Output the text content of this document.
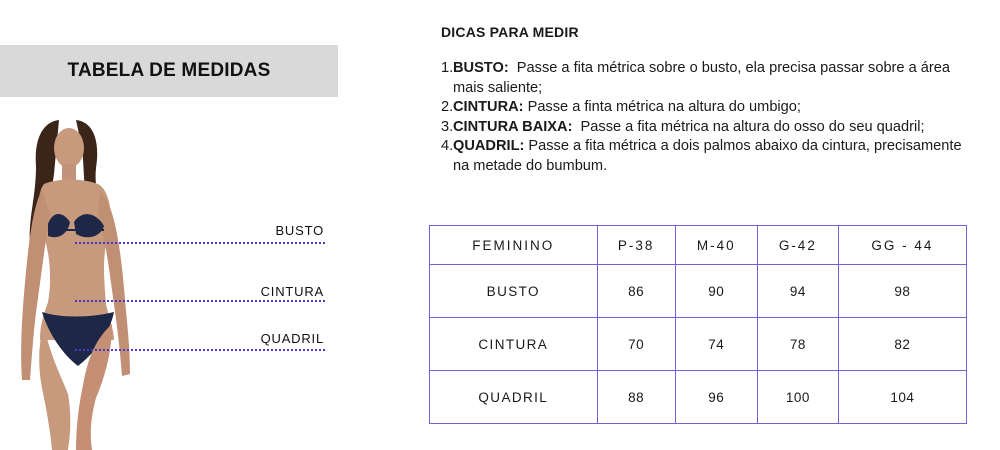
TABELA DE MEDIDAS
BUSTO
CINTURA
QUADRIL
DICAS PARA MEDIR
1. BUSTO:  Passe a fita métrica sobre o busto, ela precisa passar sobre a área mais saliente;
2. CINTURA: Passe a finta métrica na altura do umbigo;
3. CINTURA BAIXA:  Passe a fita métrica na altura do osso do seu quadril;
4. QUADRIL: Passe a fita métrica a dois palmos abaixo da cintura, precisamente na metade do bumbum.
FEMININO	P-38	M-40	G-42	GG - 44
BUSTO	86	90	94	98
CINTURA	70	74	78	82
QUADRIL	88	96	100	104
